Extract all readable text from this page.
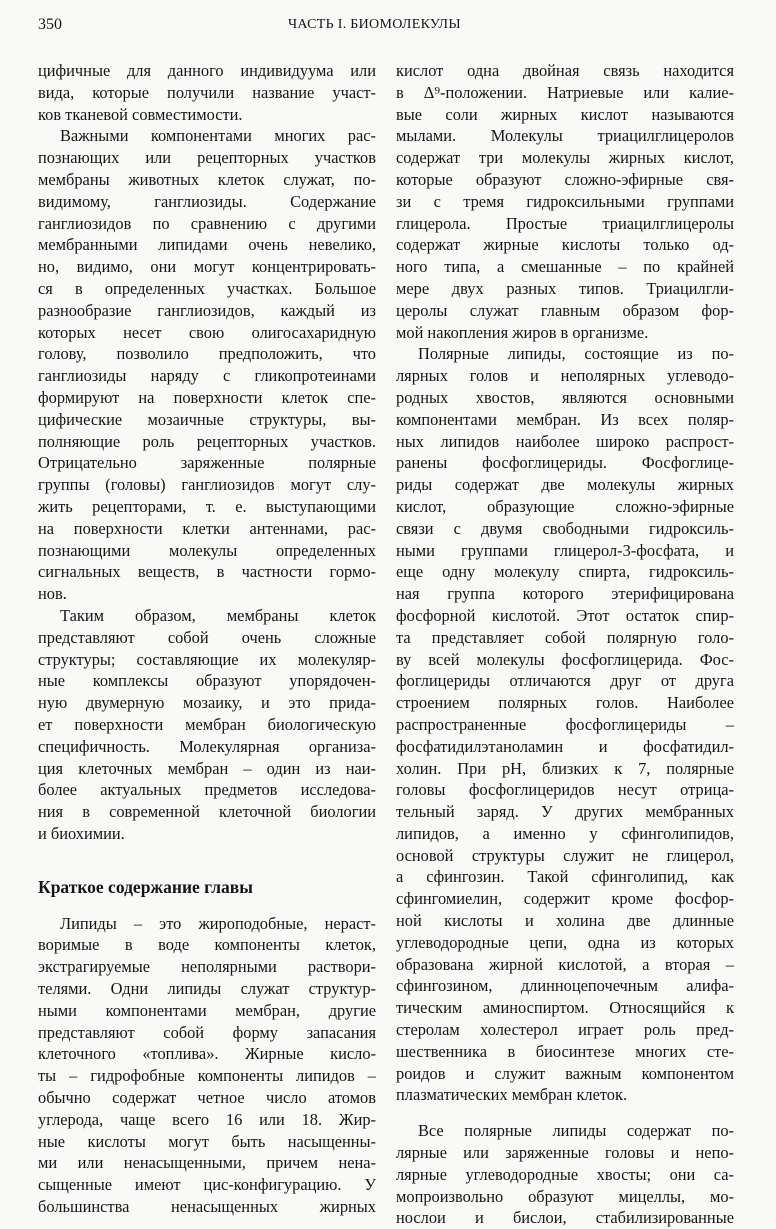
350	ЧАСТЬ I. БИОМОЛЕКУЛЫ
цифичные для данного индивидуума или
вида, которые получили название участ-
ков тканевой совместимости.
Важными компонентами многих рас-
познающих или рецепторных участков
мембраны животных клеток служат, по-
видимому, ганглиозиды. Содержание
ганглиозидов по сравнению с другими
мембранными липидами очень невелико,
но, видимо, они могут концентрировать-
ся в определенных участках. Большое
разнообразие ганглиозидов, каждый из
которых несет свою олигосахаридную
голову, позволило предположить, что
ганглиозиды наряду с гликопротеинами
формируют на поверхности клеток спе-
цифические мозаичные структуры, вы-
полняющие роль рецепторных участков.
Отрицательно заряженные полярные
группы (головы) ганглиозидов могут слу-
жить рецепторами, т. е. выступающими
на поверхности клетки антеннами, рас-
познающими молекулы определенных
сигнальных веществ, в частности гормо-
нов.
Таким образом, мембраны клеток
представляют собой очень сложные
структуры; составляющие их молекуляр-
ные комплексы образуют упорядочен-
ную двумерную мозаику, и это прида-
ет поверхности мембран биологическую
специфичность. Молекулярная организа-
ция клеточных мембран – один из наи-
более актуальных предметов исследова-
ния в современной клеточной биологии
и биохимии.
Краткое содержание главы
Липиды – это жироподобные, нераст-
воримые в воде компоненты клеток,
экстрагируемые неполярными раствори-
телями. Одни липиды служат структур-
ными компонентами мембран, другие
представляют собой форму запасания
клеточного «топлива». Жирные кисло-
ты – гидрофобные компоненты липидов –
обычно содержат четное число атомов
углерода, чаще всего 16 или 18. Жир-
ные кислоты могут быть насыщенны-
ми или ненасыщенными, причем нена-
сыщенные имеют цис-конфигурацию. У
большинства ненасыщенных жирных
кислот одна двойная связь находится
в Δ⁹-положении. Натриевые или калие-
вые соли жирных кислот называются
мылами. Молекулы триацилглицеролов
содержат три молекулы жирных кислот,
которые образуют сложно-эфирные свя-
зи с тремя гидроксильными группами
глицерола. Простые триацилглицеролы
содержат жирные кислоты только од-
ного типа, а смешанные – по крайней
мере двух разных типов. Триацилгли-
церолы служат главным образом фор-
мой накопления жиров в организме.
Полярные липиды, состоящие из по-
лярных голов и неполярных углеводо-
родных хвостов, являются основными
компонентами мембран. Из всех поляр-
ных липидов наиболее широко распрост-
ранены фосфоглицериды. Фосфоглице-
риды содержат две молекулы жирных
кислот, образующие сложно-эфирные
связи с двумя свободными гидроксиль-
ными группами глицерол-3-фосфата, и
еще одну молекулу спирта, гидроксиль-
ная группа которого этерифицирована
фосфорной кислотой. Этот остаток спир-
та представляет собой полярную голо-
ву всей молекулы фосфоглицерида. Фос-
фоглицериды отличаются друг от друга
строением полярных голов. Наиболее
распространенные фосфоглицериды –
фосфатидилэтаноламин и фосфатидил-
холин. При pH, близких к 7, полярные
головы фосфоглицеридов несут отрица-
тельный заряд. У других мембранных
липидов, а именно у сфинголипидов,
основой структуры служит не глицерол,
а сфингозин. Такой сфинголипид, как
сфингомиелин, содержит кроме фосфор-
ной кислоты и холина две длинные
углеводородные цепи, одна из которых
образована жирной кислотой, а вторая –
сфингозином, длинноцепочечным алифа-
тическим аминоспиртом. Относящийся к
стеролам холестерол играет роль пред-
шественника в биосинтезе многих сте-
роидов и служит важным компонентом
плазматических мембран клеток.
Все полярные липиды содержат по-
лярные или заряженные головы и непо-
лярные углеводородные хвосты; они са-
мопроизвольно образуют мицеллы, мо-
нослои и бислои, стабилизированные
